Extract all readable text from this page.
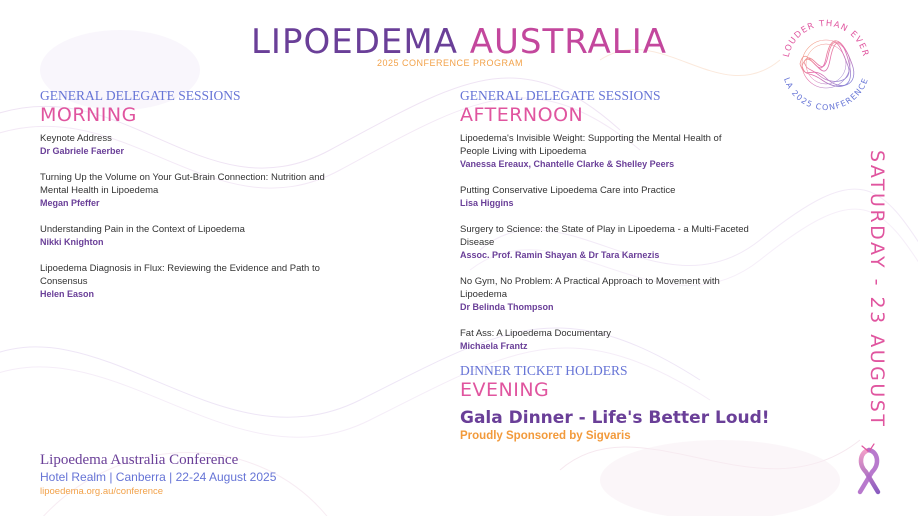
LIPOEDEMA AUSTRALIA
2025 CONFERENCE PROGRAM
LOUDER THAN EVER
LA 2025 CONFERENCE
GENERAL DELEGATE SESSIONS
MORNING
Keynote Address
Dr Gabriele Faerber
Turning Up the Volume on Your Gut-Brain Connection: Nutrition and Mental Health in Lipoedema
Megan Pfeffer
Understanding Pain in the Context of Lipoedema
Nikki Knighton
Lipoedema Diagnosis in Flux: Reviewing the Evidence and Path to Consensus
Helen Eason
GENERAL DELEGATE SESSIONS
AFTERNOON
Lipoedema's Invisible Weight: Supporting the Mental Health of People Living with Lipoedema
Vanessa Ereaux, Chantelle Clarke & Shelley Peers
Putting Conservative Lipoedema Care into Practice
Lisa Higgins
Surgery to Science: the State of Play in Lipoedema - a Multi-Faceted Disease
Assoc. Prof. Ramin Shayan & Dr Tara Karnezis
No Gym, No Problem: A Practical Approach to Movement with Lipoedema
Dr Belinda Thompson
Fat Ass: A Lipoedema Documentary
Michaela Frantz
DINNER TICKET HOLDERS
EVENING
Gala Dinner - Life's Better Loud!
Proudly Sponsored by Sigvaris
Lipoedema Australia Conference
Hotel Realm | Canberra | 22-24 August 2025
lipoedema.org.au/conference
SATURDAY - 23 AUGUST
